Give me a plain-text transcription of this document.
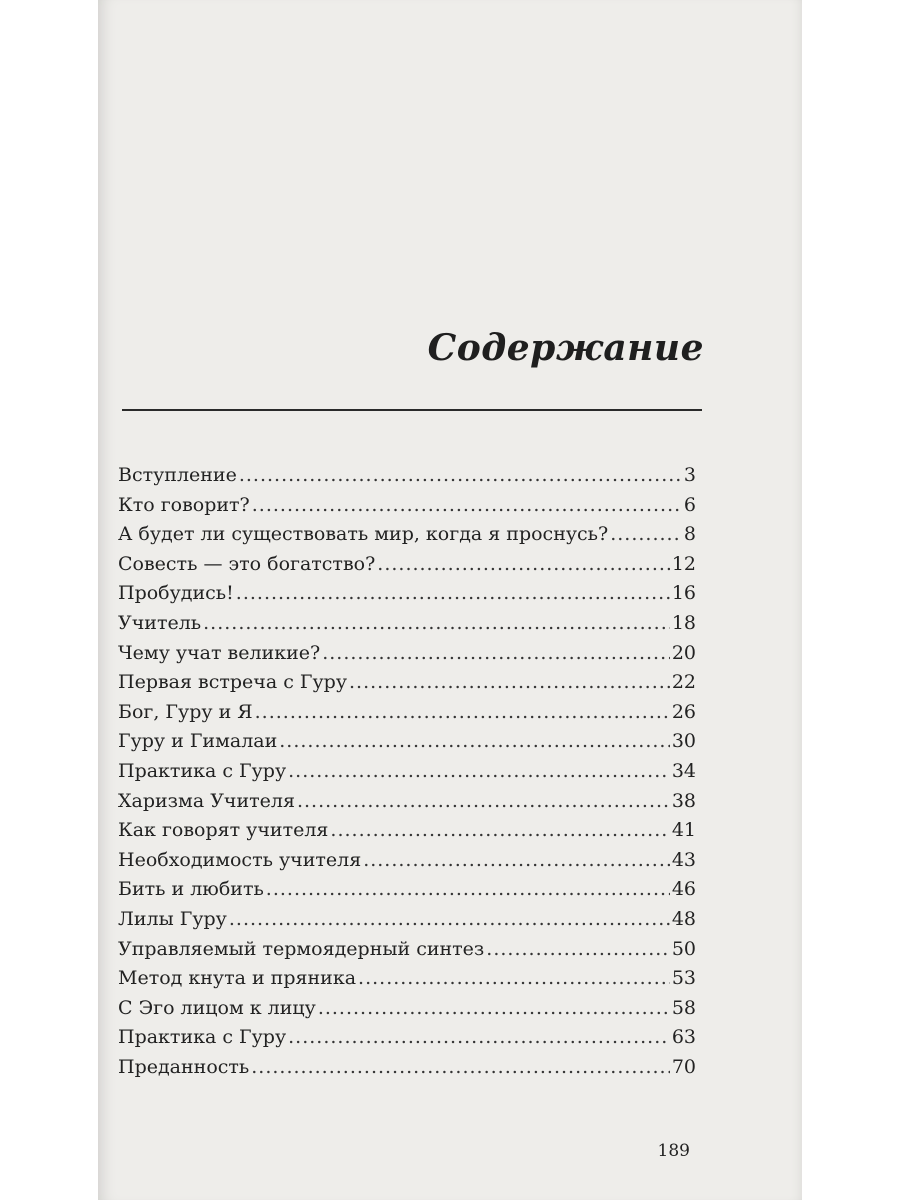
Содержание
Вступление .....	3
Кто говорит? .....	6
А будет ли существовать мир, когда я проснусь? .....	8
Совесть — это богатство? .....	12
Пробудись! .....	16
Учитель .....	18
Чему учат великие? .....	20
Первая встреча с Гуру .....	22
Бог, Гуру и Я .....	26
Гуру и Гималаи .....	30
Практика с Гуру .....	34
Харизма Учителя .....	38
Как говорят учителя .....	41
Необходимость учителя .....	43
Бить и любить .....	46
Лилы Гуру .....	48
Управляемый термоядерный синтез .....	50
Метод кнута и пряника .....	53
С Эго лицом к лицу .....	58
Практика с Гуру .....	63
Преданность .....	70
189
